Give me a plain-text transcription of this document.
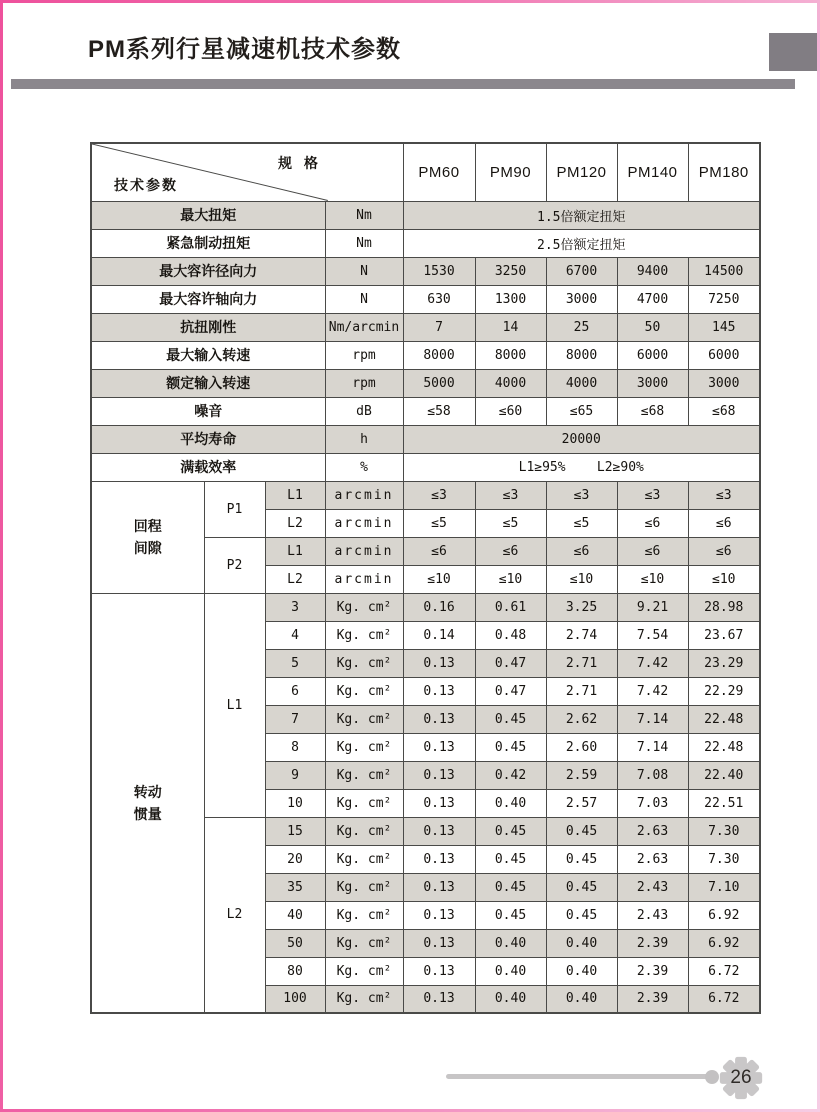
PM系列行星减速机技术参数
规 格
技术参数				PM60	PM90	PM120	PM140	PM180
最大扭矩			Nm	1.5倍额定扭矩				
紧急制动扭矩			Nm	2.5倍额定扭矩				
最大容许径向力			N	1530	3250	6700	9400	14500
最大容许轴向力			N	630	1300	3000	4700	7250
抗扭刚性			Nm/arcmin	7	14	25	50	145
最大输入转速			rpm	8000	8000	8000	6000	6000
额定输入转速			rpm	5000	4000	4000	3000	3000
噪音			dB	≤58	≤60	≤65	≤68	≤68
平均寿命			h	20000				
满载效率			%	L1≥95%    L2≥90%				
回程
间隙	P1	L1	arcmin	≤3	≤3	≤3	≤3	≤3
		L2	arcmin	≤5	≤5	≤5	≤6	≤6
	P2	L1	arcmin	≤6	≤6	≤6	≤6	≤6
		L2	arcmin	≤10	≤10	≤10	≤10	≤10
转动
惯量	L1	3	Kg. cm²	0.16	0.61	3.25	9.21	28.98
		4	Kg. cm²	0.14	0.48	2.74	7.54	23.67
		5	Kg. cm²	0.13	0.47	2.71	7.42	23.29
		6	Kg. cm²	0.13	0.47	2.71	7.42	22.29
		7	Kg. cm²	0.13	0.45	2.62	7.14	22.48
		8	Kg. cm²	0.13	0.45	2.60	7.14	22.48
		9	Kg. cm²	0.13	0.42	2.59	7.08	22.40
		10	Kg. cm²	0.13	0.40	2.57	7.03	22.51
	L2	15	Kg. cm²	0.13	0.45	0.45	2.63	7.30
		20	Kg. cm²	0.13	0.45	0.45	2.63	7.30
		35	Kg. cm²	0.13	0.45	0.45	2.43	7.10
		40	Kg. cm²	0.13	0.45	0.45	2.43	6.92
		50	Kg. cm²	0.13	0.40	0.40	2.39	6.92
		80	Kg. cm²	0.13	0.40	0.40	2.39	6.72
		100	Kg. cm²	0.13	0.40	0.40	2.39	6.72
26
